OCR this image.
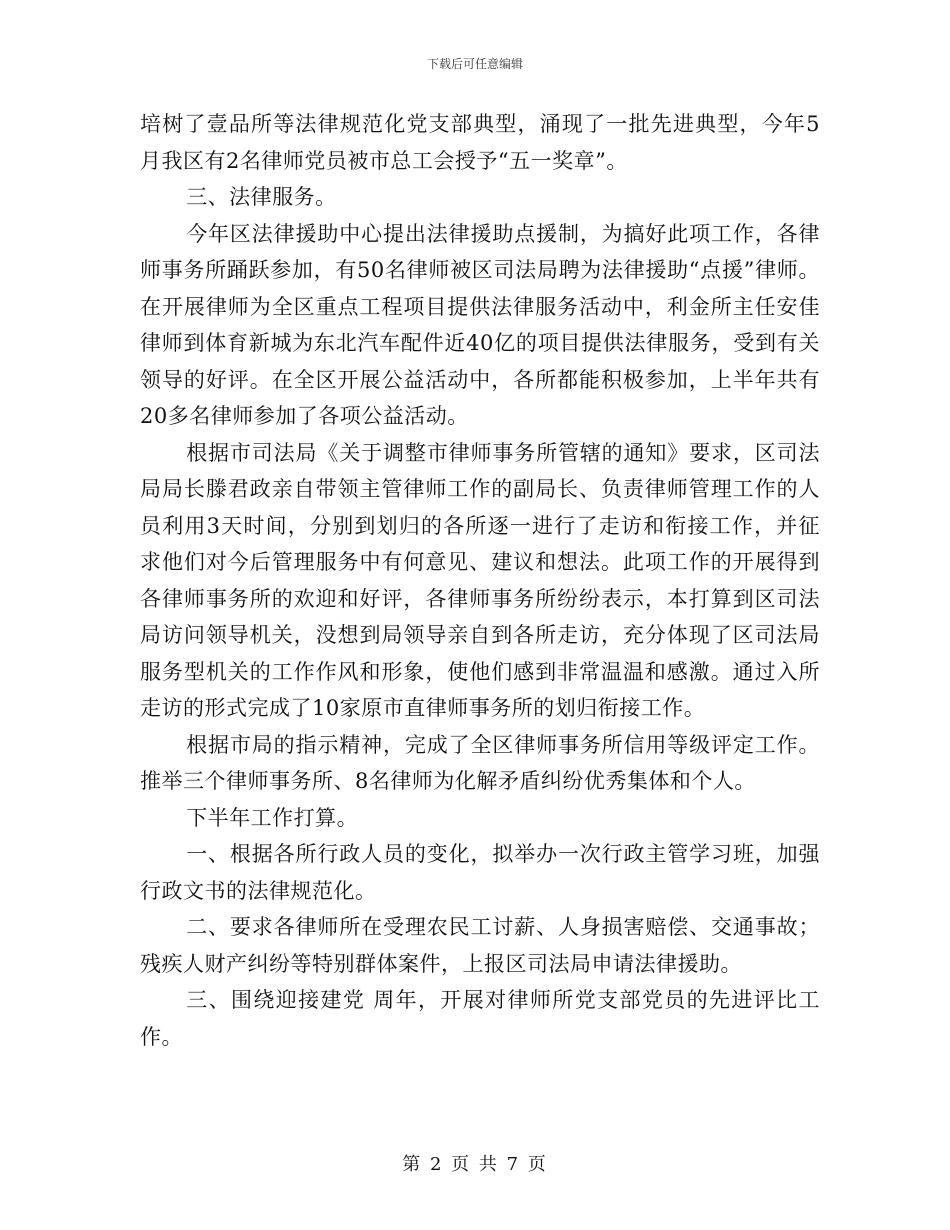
下载后可任意编辑

培树了壹品所等法律规范化党支部典型，涌现了一批先进典型，今年5月我区有2名律师党员被市总工会授予“五一奖章”。

三、法律服务。

今年区法律援助中心提出法律援助点援制，为搞好此项工作，各律师事务所踊跃参加，有50名律师被区司法局聘为法律援助“点援”律师。在开展律师为全区重点工程项目提供法律服务活动中，利金所主任安佳律师到体育新城为东北汽车配件近40亿的项目提供法律服务，受到有关领导的好评。在全区开展公益活动中，各所都能积极参加，上半年共有20多名律师参加了各项公益活动。

根据市司法局《关于调整市律师事务所管辖的通知》要求，区司法局局长滕君政亲自带领主管律师工作的副局长、负责律师管理工作的人员利用3天时间，分别到划归的各所逐一进行了走访和衔接工作，并征求他们对今后管理服务中有何意见、建议和想法。此项工作的开展得到各律师事务所的欢迎和好评，各律师事务所纷纷表示，本打算到区司法局访问领导机关，没想到局领导亲自到各所走访，充分体现了区司法局服务型机关的工作作风和形象，使他们感到非常温温和感激。通过入所走访的形式完成了10家原市直律师事务所的划归衔接工作。

根据市局的指示精神，完成了全区律师事务所信用等级评定工作。推举三个律师事务所、8名律师为化解矛盾纠纷优秀集体和个人。

下半年工作打算。

一、根据各所行政人员的变化，拟举办一次行政主管学习班，加强行政文书的法律规范化。

二、要求各律师所在受理农民工讨薪、人身损害赔偿、交通事故；残疾人财产纠纷等特别群体案件，上报区司法局申请法律援助。

三、围绕迎接建党 周年，开展对律师所党支部党员的先进评比工作。

第 2 页 共 7 页
